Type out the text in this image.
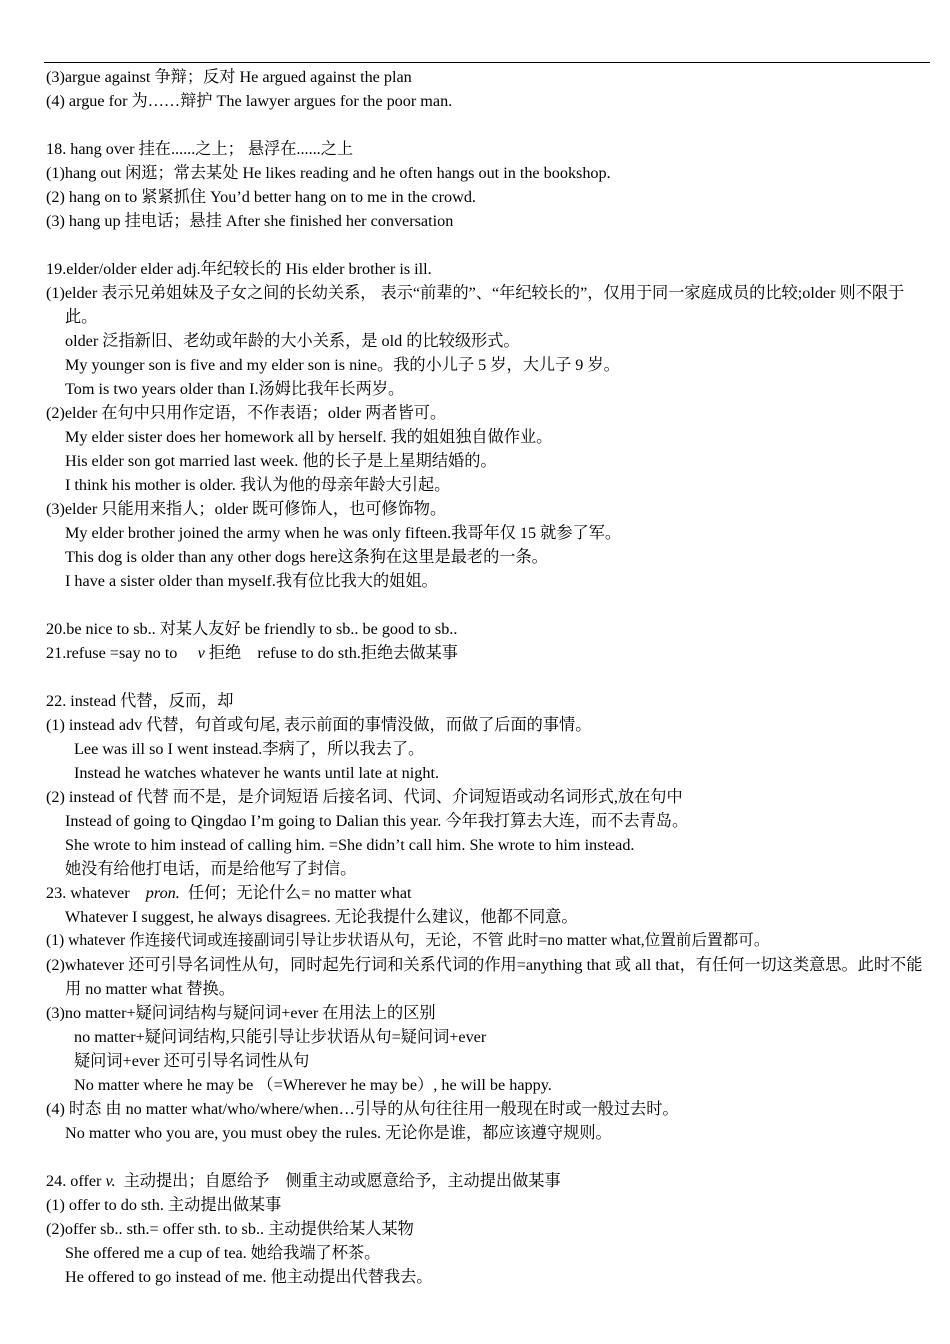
(3)argue against 争辩；反对 He argued against the plan
(4) argue for 为……辩护 The lawyer argues for the poor man.
18. hang over 挂在......之上； 悬浮在......之上
(1)hang out 闲逛；常去某处 He likes reading and he often hangs out in the bookshop.
(2) hang on to 紧紧抓住 You’d better hang on to me in the crowd.
(3) hang up 挂电话；悬挂 After she finished her conversation
19.elder/older elder adj.年纪较长的 His elder brother is ill.
(1)elder 表示兄弟姐妹及子女之间的长幼关系， 表示“前辈的”、“年纪较长的”，仅用于同一家庭成员的比较;older 则不限于此。
older 泛指新旧、老幼或年龄的大小关系，是 old 的比较级形式。
My younger son is five and my elder son is nine。我的小儿子 5 岁，大儿子 9 岁。
Tom is two years older than I.汤姆比我年长两岁。
(2)elder 在句中只用作定语，不作表语；older 两者皆可。
My elder sister does her homework all by herself. 我的姐姐独自做作业。
His elder son got married last week. 他的长子是上星期结婚的。
I think his mother is older. 我认为他的母亲年龄大引起。
(3)elder 只能用来指人；older 既可修饰人，也可修饰物。
My elder brother joined the army when he was only fifteen.我哥年仅 15 就参了军。
This dog is older than any other dogs here这条狗在这里是最老的一条。
I have a sister older than myself.我有位比我大的姐姐。
20.be nice to sb.. 对某人友好 be friendly to sb.. be good to sb..
21.refuse =say no to     v 拒绝    refuse to do sth.拒绝去做某事
22. instead 代替，反而，却
(1) instead adv 代替，句首或句尾, 表示前面的事情没做，而做了后面的事情。
Lee was ill so I went instead.李病了，所以我去了。
Instead he watches whatever he wants until late at night.
(2) instead of 代替 而不是，是介词短语 后接名词、代词、介词短语或动名词形式,放在句中
Instead of going to Qingdao I’m going to Dalian this year. 今年我打算去大连，而不去青岛。
She wrote to him instead of calling him. =She didn’t call him. She wrote to him instead.
她没有给他打电话，而是给他写了封信。
23. whatever    pron.  任何；无论什么= no matter what
Whatever I suggest, he always disagrees. 无论我提什么建议，他都不同意。
(1) whatever 作连接代词或连接副词引导让步状语从句，无论，不管 此时=no matter what,位置前后置都可。
(2)whatever 还可引导名词性从句，同时起先行词和关系代词的作用=anything that 或 all that，有任何一切这类意思。此时不能用 no matter what 替换。
(3)no matter+疑问词结构与疑问词+ever 在用法上的区别
no matter+疑问词结构,只能引导让步状语从句=疑问词+ever
疑问词+ever 还可引导名词性从句
No matter where he may be （=Wherever he may be）, he will be happy.
(4) 时态 由 no matter what/who/where/when…引导的从句往往用一般现在时或一般过去时。
No matter who you are, you must obey the rules. 无论你是谁，都应该遵守规则。
24. offer v.  主动提出；自愿给予    侧重主动或愿意给予，主动提出做某事
(1) offer to do sth. 主动提出做某事
(2)offer sb.. sth.= offer sth. to sb.. 主动提供给某人某物
She offered me a cup of tea. 她给我端了杯茶。
He offered to go instead of me. 他主动提出代替我去。
